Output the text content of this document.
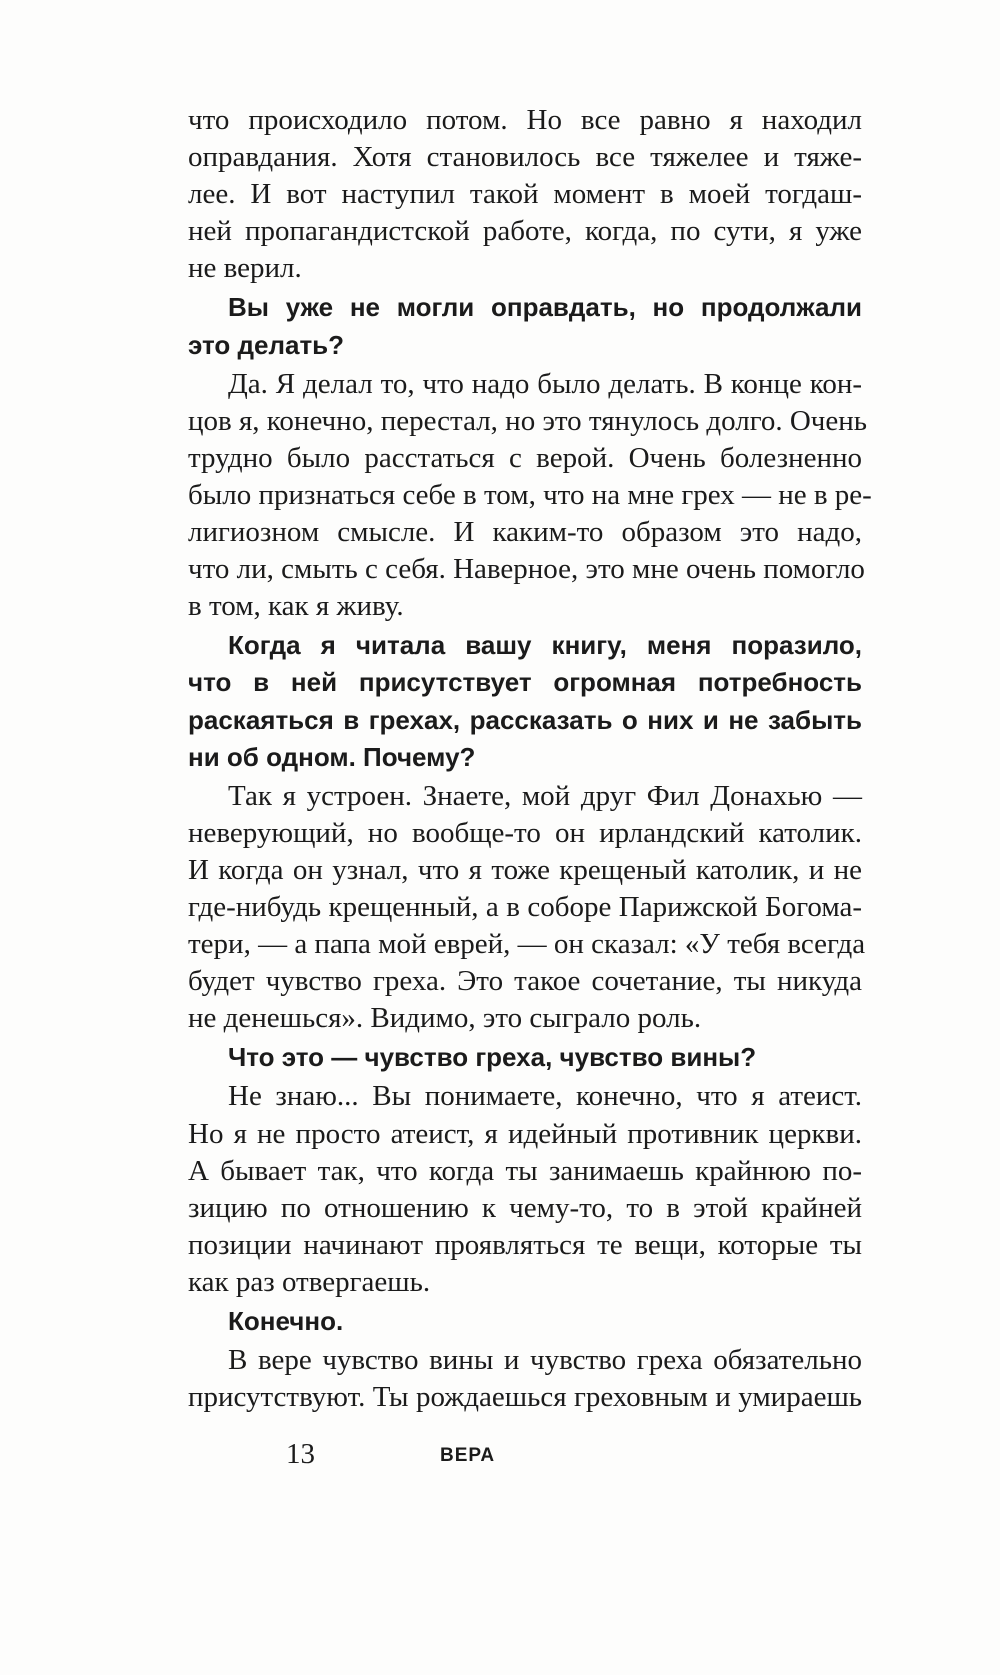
что происходило потом. Но все равно я находил
оправдания. Хотя становилось все тяжелее и тяже-
лее. И вот наступил такой момент в моей тогдаш-
ней пропагандистской работе, когда, по сути, я уже
не верил.
Вы уже не могли оправдать, но продолжали
это делать?
Да. Я делал то, что надо было делать. В конце кон-
цов я, конечно, перестал, но это тянулось долго. Очень
трудно было расстаться с верой. Очень болезненно
было признаться себе в том, что на мне грех — не в ре-
лигиозном смысле. И каким-то образом это надо,
что ли, смыть с себя. Наверное, это мне очень помогло
в том, как я живу.
Когда я читала вашу книгу, меня поразило,
что в ней присутствует огромная потребность
раскаяться в грехах, рассказать о них и не забыть
ни об одном. Почему?
Так я устроен. Знаете, мой друг Фил Донахью —
неверующий, но вообще-то он ирландский католик.
И когда он узнал, что я тоже крещеный католик, и не
где-нибудь крещенный, а в соборе Парижской Богома-
тери, — а папа мой еврей, — он сказал: «У тебя всегда
будет чувство греха. Это такое сочетание, ты никуда
не денешься». Видимо, это сыграло роль.
Что это — чувство греха, чувство вины?
Не знаю... Вы понимаете, конечно, что я атеист.
Но я не просто атеист, я идейный противник церкви.
А бывает так, что когда ты занимаешь крайнюю по-
зицию по отношению к чему-то, то в этой крайней
позиции начинают проявляться те вещи, которые ты
как раз отвергаешь.
Конечно.
В вере чувство вины и чувство греха обязательно
присутствуют. Ты рождаешься греховным и умираешь
13	ВЕРА
